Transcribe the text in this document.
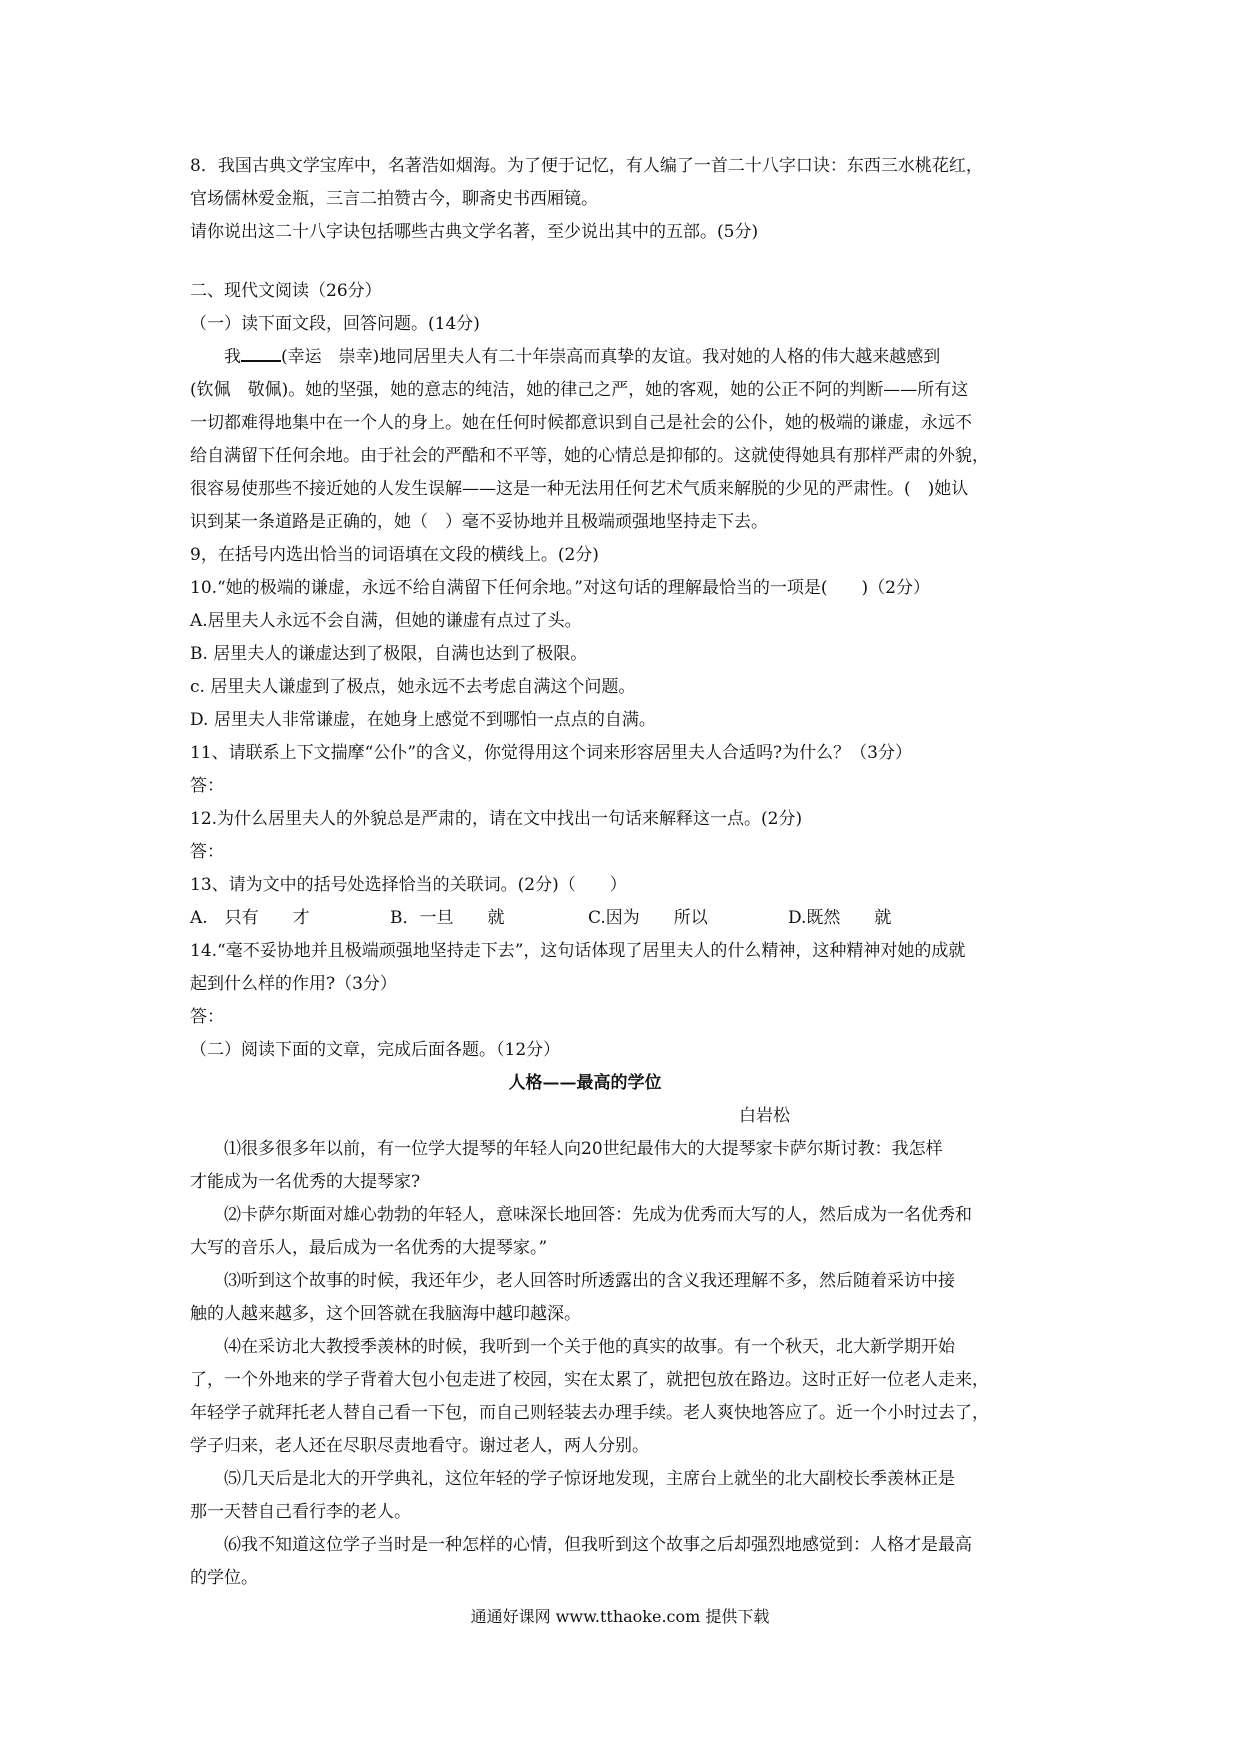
8．我国古典文学宝库中，名著浩如烟海。为了便于记忆，有人编了一首二十八字口诀：东西三水桃花红，

官场儒林爱金瓶，三言二拍赞古今，聊斋史书西厢镜。

请你说出这二十八字诀包括哪些古典文学名著，至少说出其中的五部。(5分)

二、现代文阅读（26分）

（一）读下面文段，回答问题。(14分)

我 (幸运　崇幸)地同居里夫人有二十年崇高而真挚的友谊。我对她的人格的伟大越来越感到

(钦佩　敬佩)。她的坚强，她的意志的纯洁，她的律己之严，她的客观，她的公正不阿的判断——所有这

一切都难得地集中在一个人的身上。她在任何时候都意识到自己是社会的公仆，她的极端的谦虚，永远不

给自满留下任何余地。由于社会的严酷和不平等，她的心情总是抑郁的。这就使得她具有那样严肃的外貌，

很容易使那些不接近她的人发生误解——这是一种无法用任何艺术气质来解脱的少见的严肃性。(　)她认

识到某一条道路是正确的，她（　）毫不妥协地并且极端顽强地坚持走下去。

9，在括号内选出恰当的词语填在文段的横线上。(2分)

10.“她的极端的谦虚，永远不给自满留下任何余地。”对这句话的理解最恰当的一项是(　　)（2分）

A.居里夫人永远不会自满，但她的谦虚有点过了头。

B. 居里夫人的谦虚达到了极限，自满也达到了极限。

c. 居里夫人谦虚到了极点，她永远不去考虑自满这个问题。

D. 居里夫人非常谦虚，在她身上感觉不到哪怕一点点的自满。

11、请联系上下文揣摩“公仆”的含义，你觉得用这个词来形容居里夫人合适吗?为什么？（3分）

答：

12.为什么居里夫人的外貌总是严肃的，请在文中找出一句话来解释这一点。(2分)

答：

13、请为文中的括号处选择恰当的关联词。(2分)（　　）

A.　只有　　才	B．一旦　　就	C.因为　　所以	D.既然　　就

14.“毫不妥协地并且极端顽强地坚持走下去”，这句话体现了居里夫人的什么精神，这种精神对她的成就

起到什么样的作用?（3分）

答：

（二）阅读下面的文章，完成后面各题。（12分）

人格——最高的学位

白岩松

⑴很多很多年以前，有一位学大提琴的年轻人向20世纪最伟大的大提琴家卡萨尔斯讨教：我怎样

才能成为一名优秀的大提琴家?

⑵卡萨尔斯面对雄心勃勃的年轻人，意味深长地回答：先成为优秀而大写的人，然后成为一名优秀和

大写的音乐人，最后成为一名优秀的大提琴家。”

⑶听到这个故事的时候，我还年少，老人回答时所透露出的含义我还理解不多，然后随着采访中接

触的人越来越多，这个回答就在我脑海中越印越深。

⑷在采访北大教授季羡林的时候，我听到一个关于他的真实的故事。有一个秋天，北大新学期开始

了，一个外地来的学子背着大包小包走进了校园，实在太累了，就把包放在路边。这时正好一位老人走来，

年轻学子就拜托老人替自己看一下包，而自己则轻装去办理手续。老人爽快地答应了。近一个小时过去了，

学子归来，老人还在尽职尽责地看守。谢过老人，两人分别。

⑸几天后是北大的开学典礼，这位年轻的学子惊讶地发现，主席台上就坐的北大副校长季羡林正是

那一天替自己看行李的老人。

⑹我不知道这位学子当时是一种怎样的心情，但我听到这个故事之后却强烈地感觉到：人格才是最高

的学位。

通通好课网 www.tthaoke.com 提供下载
